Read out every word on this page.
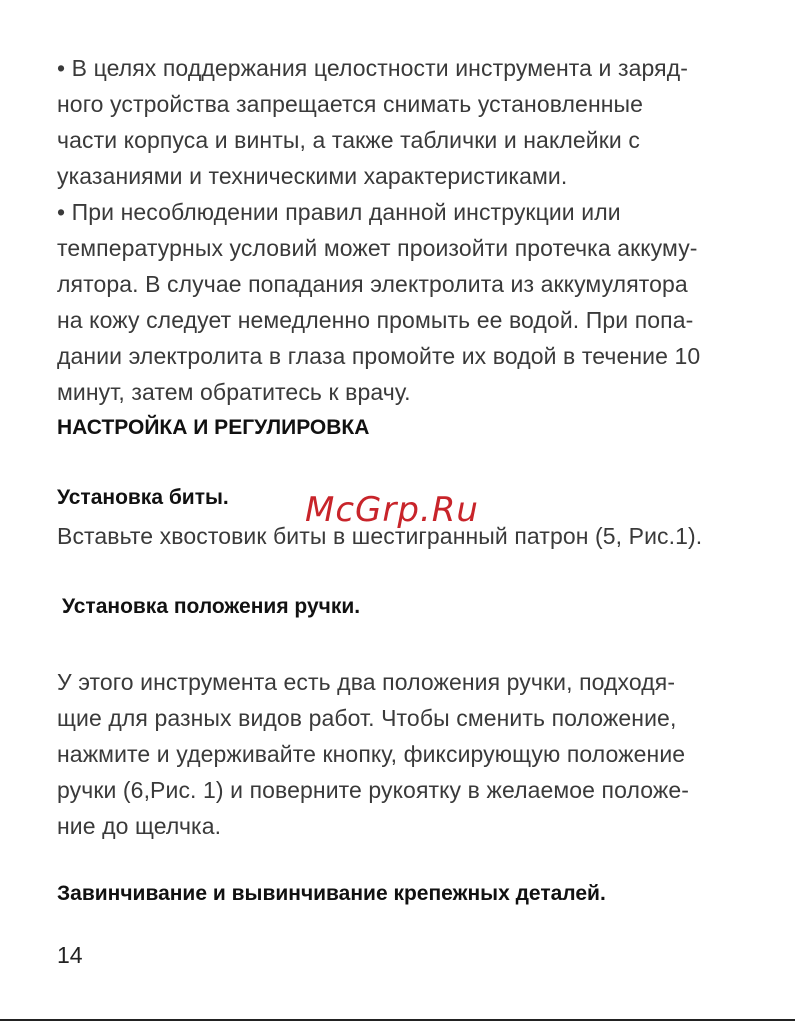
• В целях поддержания целостности инструмента и заряд-
ного устройства запрещается снимать установленные
части корпуса и винты, а также таблички и наклейки с
указаниями и техническими характеристиками.
• При несоблюдении правил данной инструкции или
температурных условий может произойти протечка аккуму-
лятора. В случае попадания электролита из аккумулятора
на кожу следует немедленно промыть ее водой. При попа-
дании электролита в глаза промойте их водой в течение 10
минут, затем обратитесь к врачу.
НАСТРОЙКА И РЕГУЛИРОВКА
Установка биты.
Вставьте хвостовик биты в шестигранный патрон (5, Рис.1).
McGrp.Ru
Установка положения ручки.
У этого инструмента есть два положения ручки, подходя-
щие для разных видов работ. Чтобы сменить положение,
нажмите и удерживайте кнопку, фиксирующую положение
ручки (6,Рис. 1) и поверните рукоятку в желаемое положе-
ние до щелчка.
Завинчивание и вывинчивание крепежных деталей.
14
